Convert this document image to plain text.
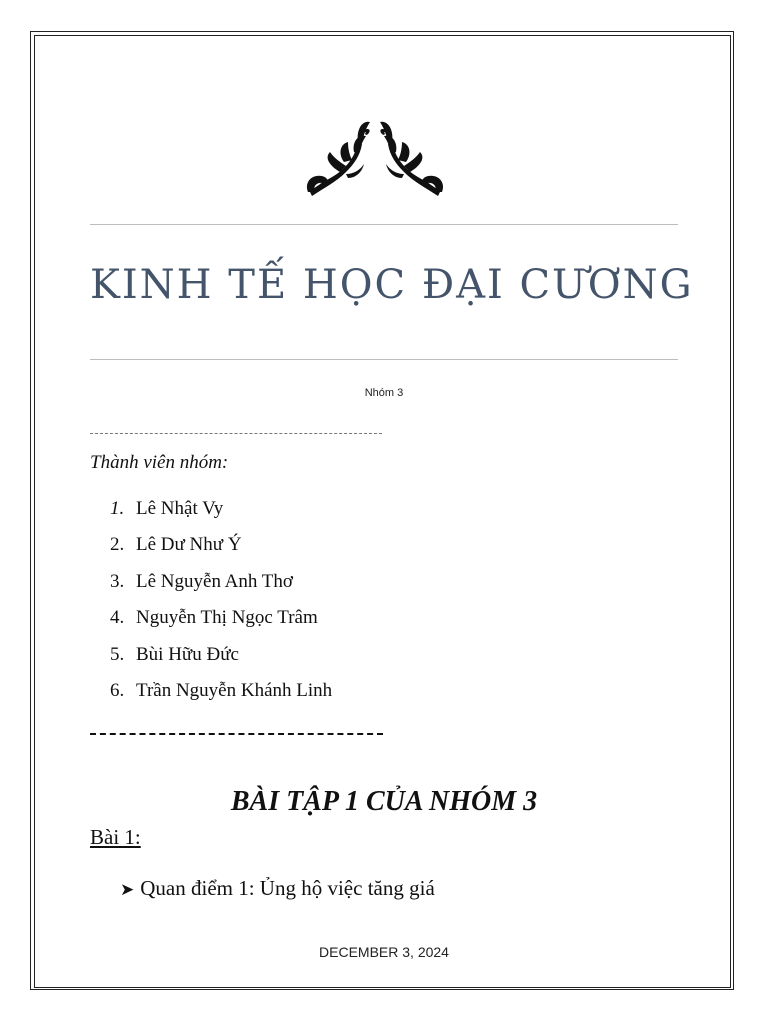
KINH TẾ HỌC ĐẠI CƯƠNG
Nhóm 3
Thành viên nhóm:
1. Lê Nhật Vy
2. Lê Dư Như Ý
3. Lê Nguyễn Anh Thơ
4. Nguyễn Thị Ngọc Trâm
5. Bùi Hữu Đức
6. Trần Nguyễn Khánh Linh
BÀI TẬP 1 CỦA NHÓM 3
Bài 1:
➤ Quan điểm 1: Ủng hộ việc tăng giá
DECEMBER 3, 2024
